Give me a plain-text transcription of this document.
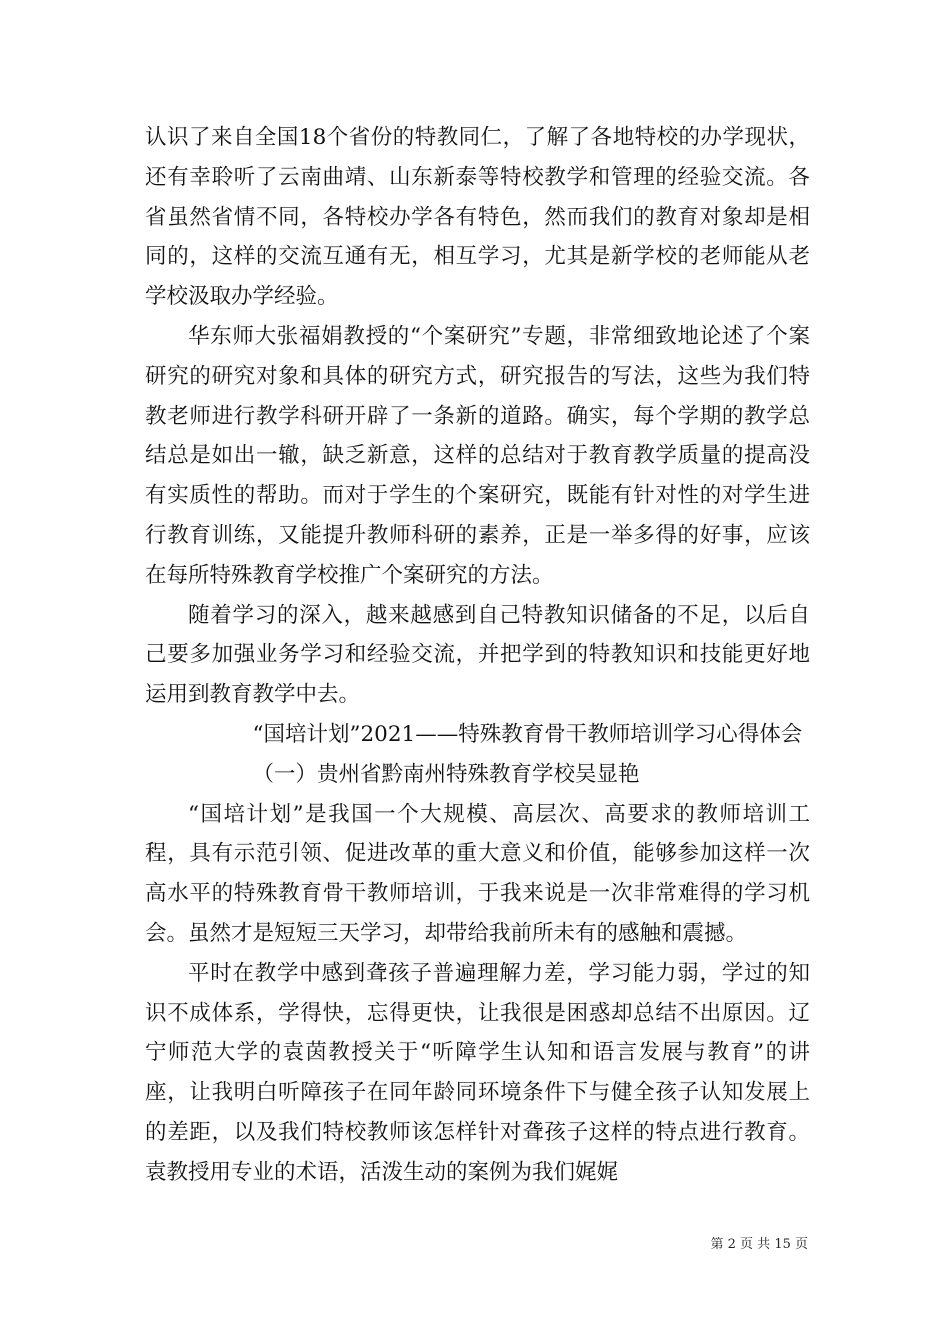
认识了来自全国18个省份的特教同仁，了解了各地特校的办学现状，还有幸聆听了云南曲靖、山东新泰等特校教学和管理的经验交流。各省虽然省情不同，各特校办学各有特色，然而我们的教育对象却是相同的，这样的交流互通有无，相互学习，尤其是新学校的老师能从老学校汲取办学经验。

华东师大张福娟教授的“个案研究”专题，非常细致地论述了个案研究的研究对象和具体的研究方式，研究报告的写法，这些为我们特教老师进行教学科研开辟了一条新的道路。确实，每个学期的教学总结总是如出一辙，缺乏新意，这样的总结对于教育教学质量的提高没有实质性的帮助。而对于学生的个案研究，既能有针对性的对学生进行教育训练，又能提升教师科研的素养，正是一举多得的好事，应该在每所特殊教育学校推广个案研究的方法。

随着学习的深入，越来越感到自己特教知识储备的不足，以后自己要多加强业务学习和经验交流，并把学到的特教知识和技能更好地运用到教育教学中去。

“国培计划”2021——特殊教育骨干教师培训学习心得体会

（一）贵州省黔南州特殊教育学校吴显艳

“国培计划”是我国一个大规模、高层次、高要求的教师培训工程，具有示范引领、促进改革的重大意义和价值，能够参加这样一次高水平的特殊教育骨干教师培训，于我来说是一次非常难得的学习机会。虽然才是短短三天学习，却带给我前所未有的感触和震撼。

平时在教学中感到聋孩子普遍理解力差，学习能力弱，学过的知识不成体系，学得快，忘得更快，让我很是困惑却总结不出原因。辽宁师范大学的袁茵教授关于“听障学生认知和语言发展与教育”的讲座，让我明白听障孩子在同年龄同环境条件下与健全孩子认知发展上的差距，以及我们特校教师该怎样针对聋孩子这样的特点进行教育。袁教授用专业的术语，活泼生动的案例为我们娓娓

第 2 页 共 15 页
